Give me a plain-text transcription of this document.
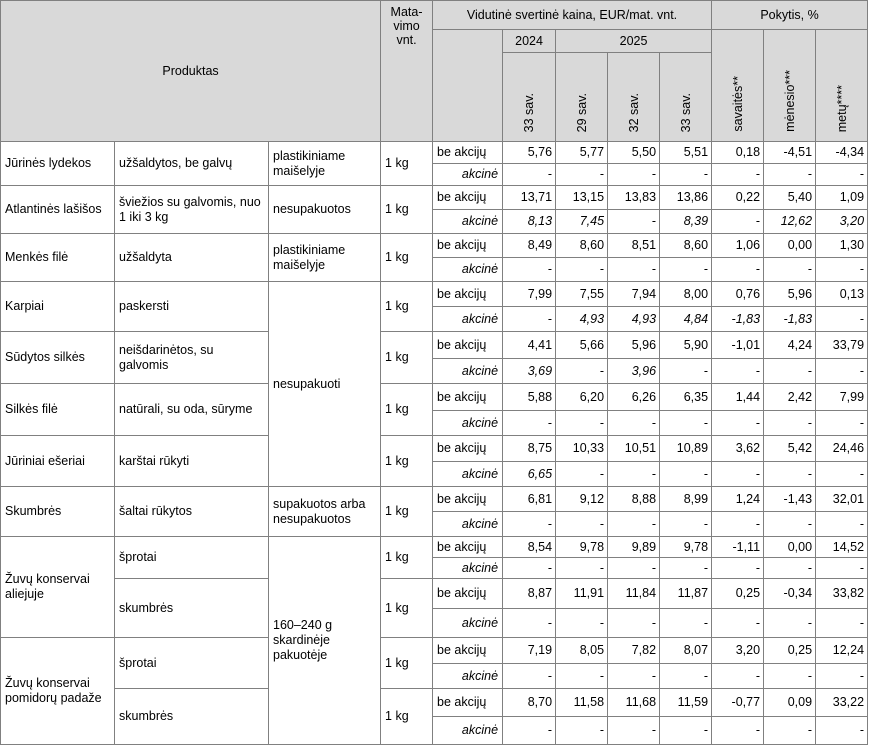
Produktas			Mata-
vimo
vnt.	Vidutinė svertinė kaina, EUR/mat. vnt.					Pokytis, %		
					2024	2025			savaitės**	mėnesio***	metų****
					33 sav.	29 sav.	32 sav.	33 sav.			
Jūrinės lydekos	užšaldytos, be galvų	plastikiniame maišelyje	1 kg	be akcijų	5,76	5,77	5,50	5,51	0,18	-4,51	-4,34
				akcinė	-	-	-	-	-	-	-
Atlantinės lašišos	šviežios su galvomis, nuo 1 iki 3 kg	nesupakuotos	1 kg	be akcijų	13,71	13,15	13,83	13,86	0,22	5,40	1,09
				akcinė	8,13	7,45	-	8,39	-	12,62	3,20
Menkės filė	užšaldyta	plastikiniame maišelyje	1 kg	be akcijų	8,49	8,60	8,51	8,60	1,06	0,00	1,30
				akcinė	-	-	-	-	-	-	-
Karpiai	paskersti	nesupakuoti	1 kg	be akcijų	7,99	7,55	7,94	8,00	0,76	5,96	0,13
				akcinė	-	4,93	4,93	4,84	-1,83	-1,83	-
Sūdytos silkės	neišdarinėtos, su galvomis		1 kg	be akcijų	4,41	5,66	5,96	5,90	-1,01	4,24	33,79
				akcinė	3,69	-	3,96	-	-	-	-
Silkės filė	natūrali, su oda, sūryme		1 kg	be akcijų	5,88	6,20	6,26	6,35	1,44	2,42	7,99
				akcinė	-	-	-	-	-	-	-
Jūriniai ešeriai	karštai rūkyti		1 kg	be akcijų	8,75	10,33	10,51	10,89	3,62	5,42	24,46
				akcinė	6,65	-	-	-	-	-	-
Skumbrės	šaltai rūkytos	supakuotos arba nesupakuotos	1 kg	be akcijų	6,81	9,12	8,88	8,99	1,24	-1,43	32,01
				akcinė	-	-	-	-	-	-	-
Žuvų konservai aliejuje	šprotai	160–240 g skardinėje pakuotėje	1 kg	be akcijų	8,54	9,78	9,89	9,78	-1,11	0,00	14,52
				akcinė	-	-	-	-	-	-	-
	skumbrės		1 kg	be akcijų	8,87	11,91	11,84	11,87	0,25	-0,34	33,82
				akcinė	-	-	-	-	-	-	-
Žuvų konservai pomidorų padaže	šprotai		1 kg	be akcijų	7,19	8,05	7,82	8,07	3,20	0,25	12,24
				akcinė	-	-	-	-	-	-	-
	skumbrės		1 kg	be akcijų	8,70	11,58	11,68	11,59	-0,77	0,09	33,22
				akcinė	-	-	-	-	-	-	-
